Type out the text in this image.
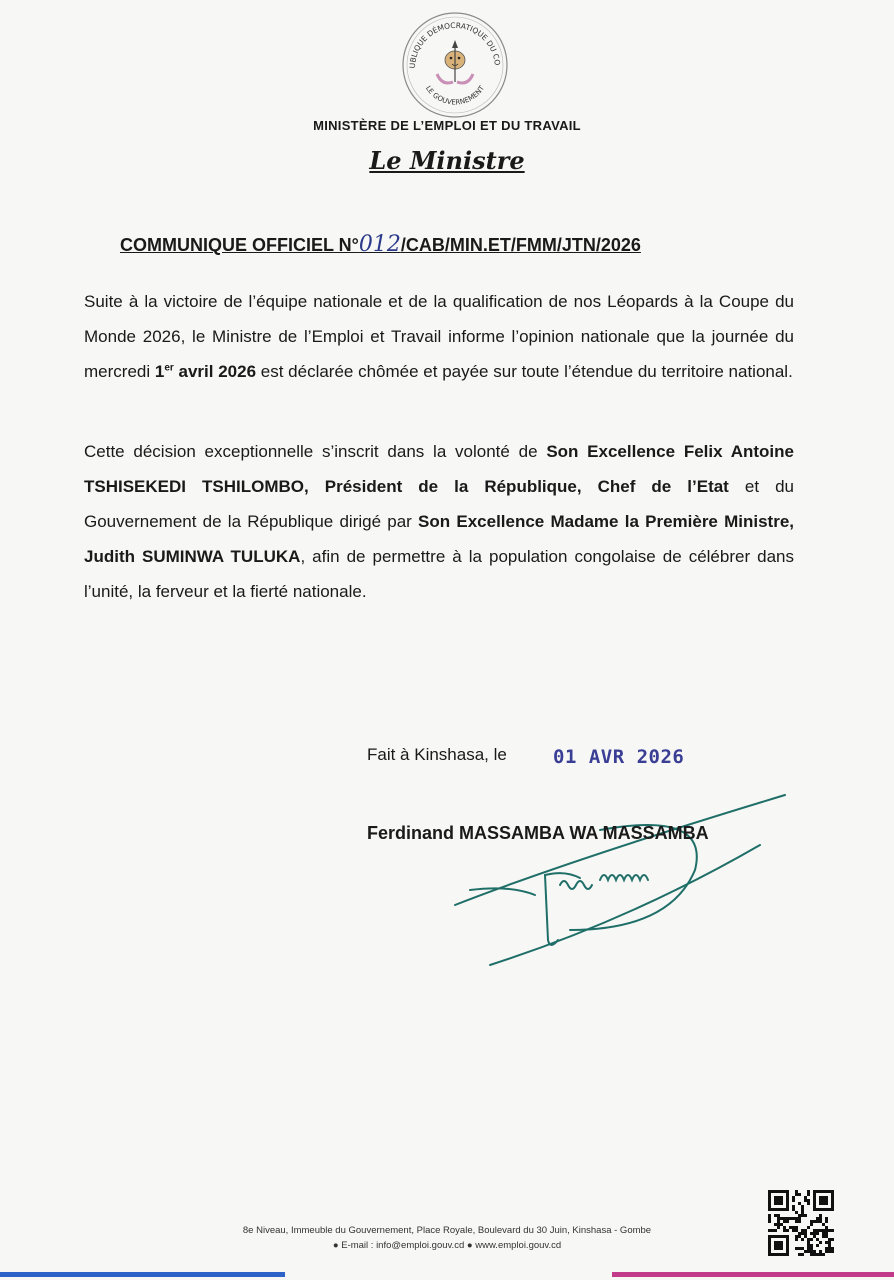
UBLIQUE DÉMOCRATIQUE DU CO
LE GOUVERNEMENT
MINISTÈRE DE L’EMPLOI ET DU TRAVAIL
Le Ministre
COMMUNIQUE OFFICIEL N°012/CAB/MIN.ET/FMM/JTN/2026
Suite à la victoire de l’équipe nationale et de la qualification de nos Léopards à la Coupe du Monde 2026, le Ministre de l’Emploi et Travail informe l’opinion nationale que la journée du mercredi 1er avril 2026 est déclarée chômée et payée sur toute l’étendue du territoire national.
Cette décision exceptionnelle s’inscrit dans la volonté de Son Excellence Felix Antoine TSHISEKEDI TSHILOMBO, Président de la République, Chef de l’Etat et du Gouvernement de la République dirigé par Son Excellence Madame la Première Ministre, Judith SUMINWA TULUKA, afin de permettre à la population congolaise de célébrer dans l’unité, la ferveur et la fierté nationale.
Fait à Kinshasa, le 01 AVR 2026
Ferdinand MASSAMBA WA MASSAMBA
8e Niveau, Immeuble du Gouvernement, Place Royale, Boulevard du 30 Juin, Kinshasa - Gombe
● E-mail : info@emploi.gouv.cd ● www.emploi.gouv.cd
